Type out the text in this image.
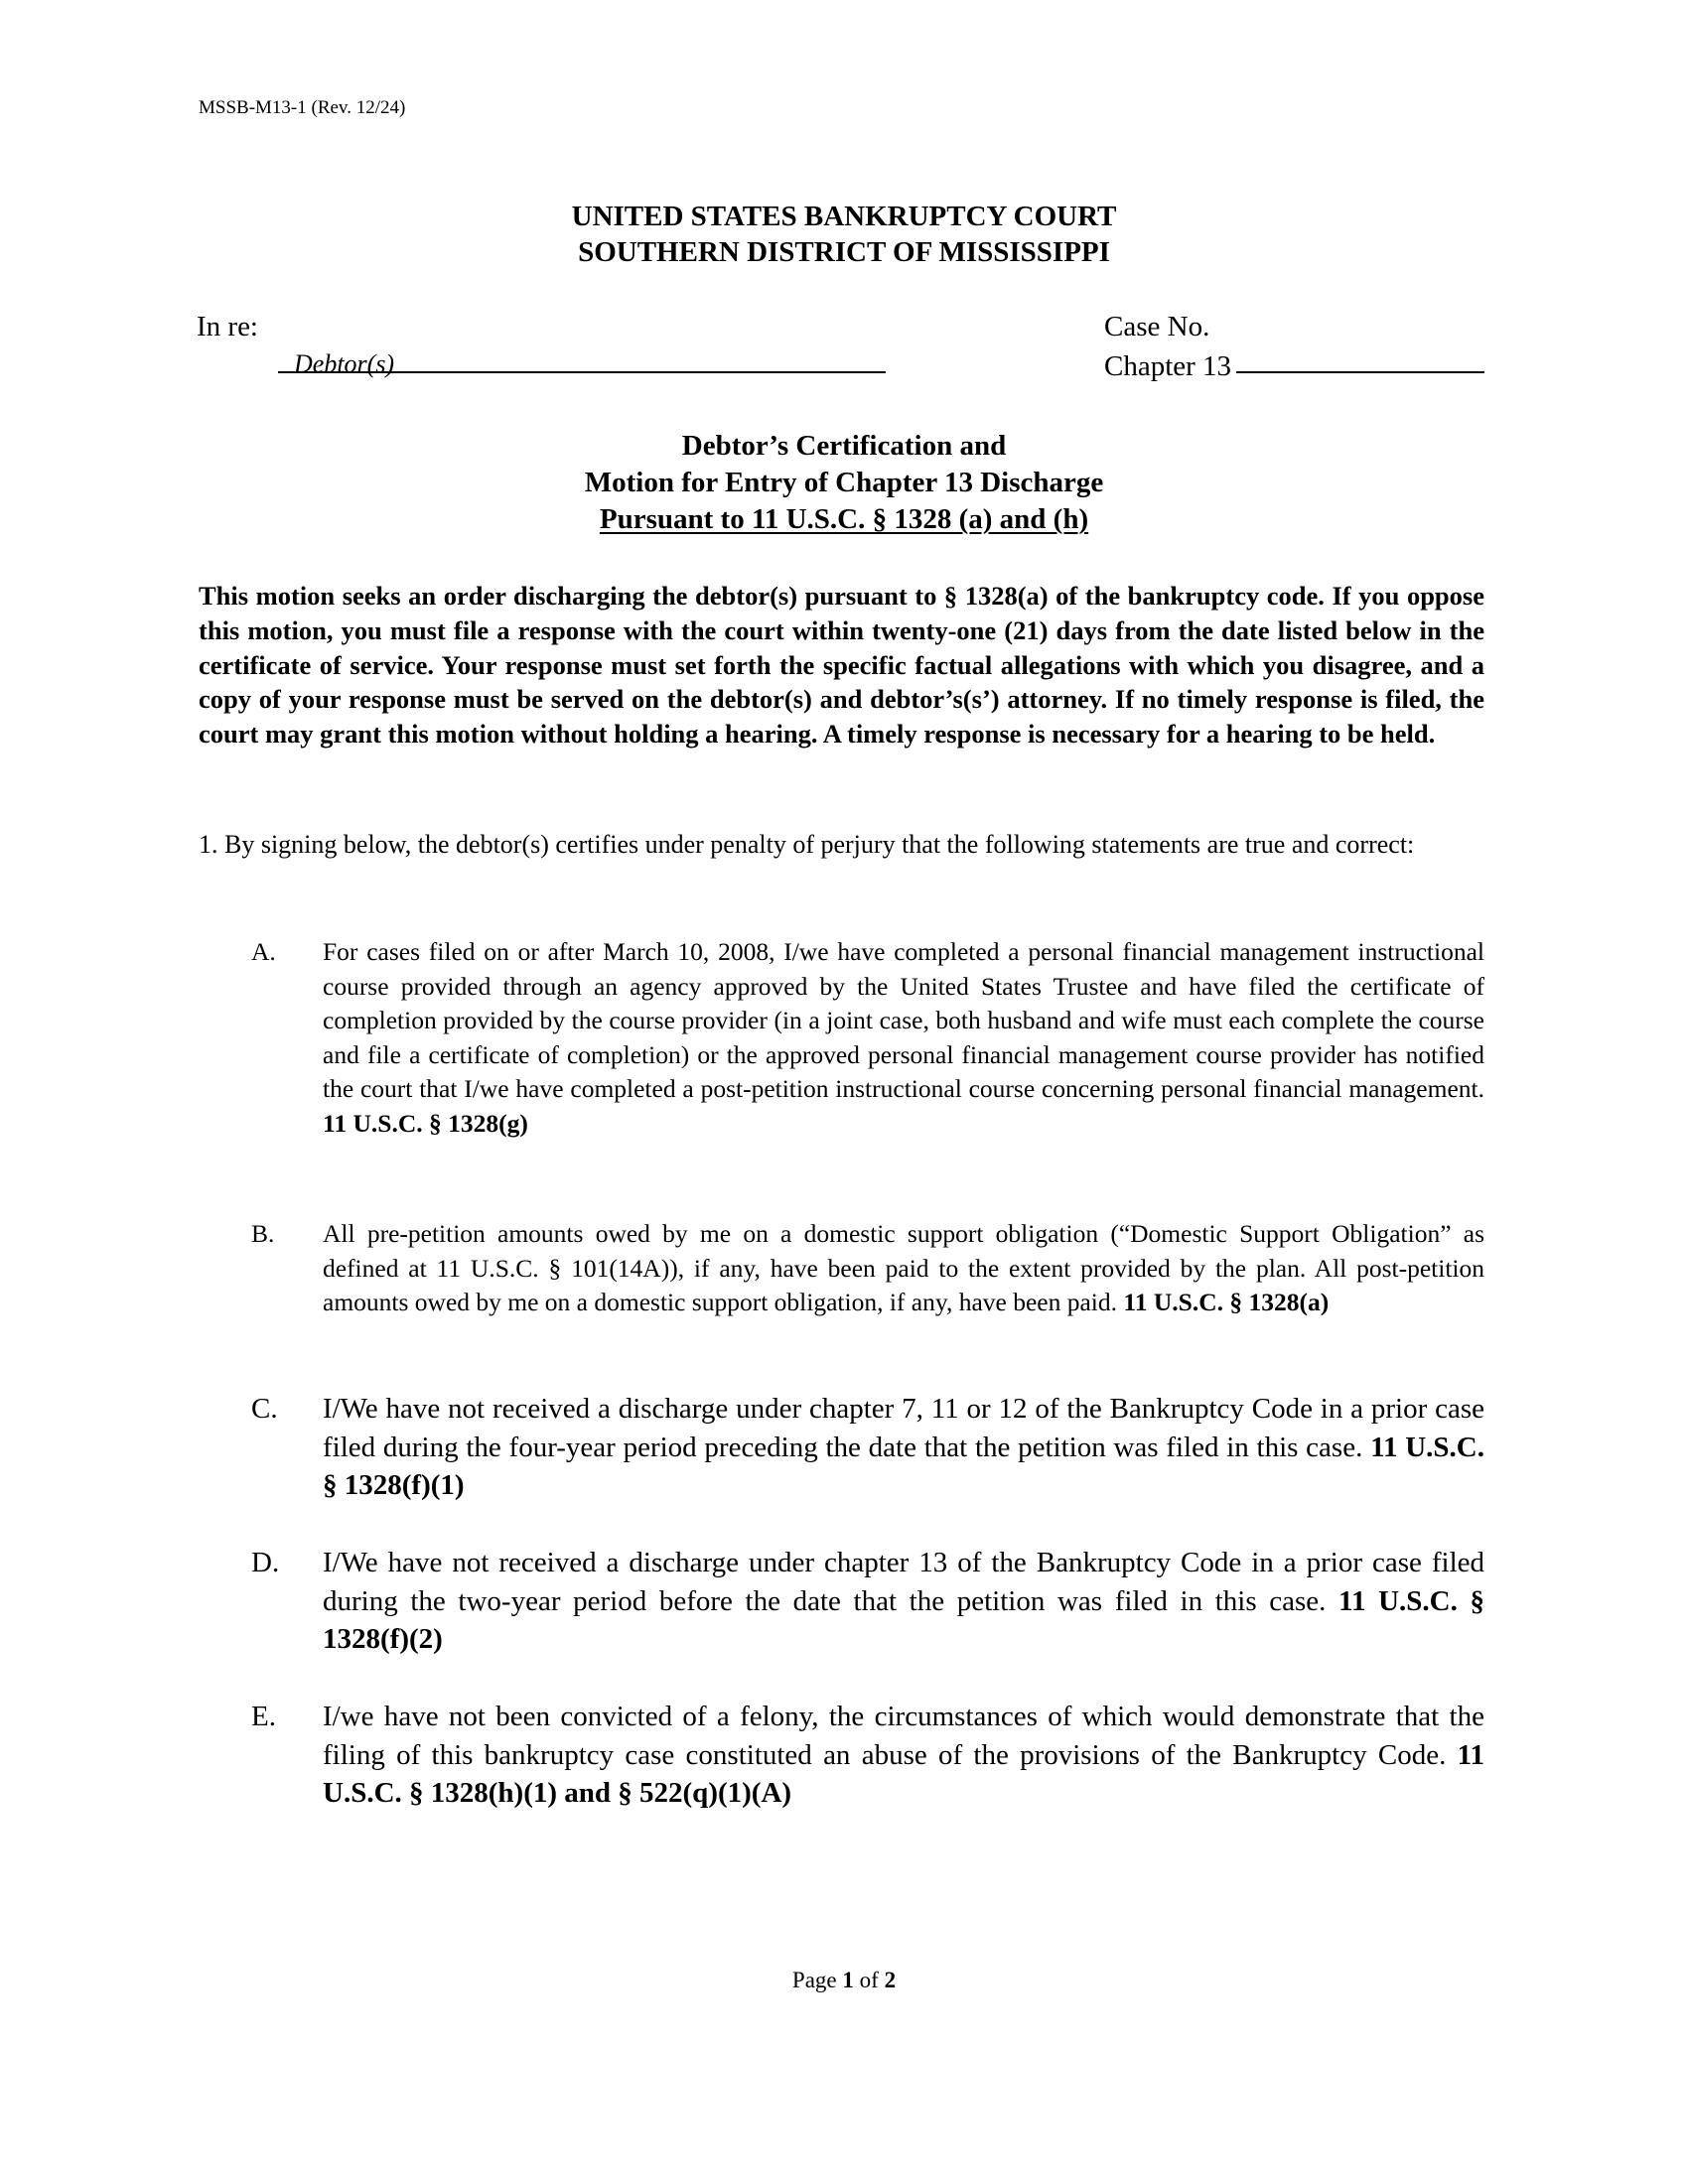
MSSB-M13-1 (Rev. 12/24)
UNITED STATES BANKRUPTCY COURT
SOUTHERN DISTRICT OF MISSISSIPPI
In re:
Debtor(s)
Case No.
Chapter 13
Debtor’s Certification and
Motion for Entry of Chapter 13 Discharge
Pursuant to 11 U.S.C. § 1328 (a) and (h)
This motion seeks an order discharging the debtor(s) pursuant to § 1328(a) of the bankruptcy code. If you oppose this motion, you must file a response with the court within twenty-one (21) days from the date listed below in the certificate of service. Your response must set forth the specific factual allegations with which you disagree, and a copy of your response must be served on the debtor(s) and debtor’s(s’) attorney. If no timely response is filed, the court may grant this motion without holding a hearing. A timely response is necessary for a hearing to be held.
1. By signing below, the debtor(s) certifies under penalty of perjury that the following statements are true and correct:
A. For cases filed on or after March 10, 2008, I/we have completed a personal financial management instructional course provided through an agency approved by the United States Trustee and have filed the certificate of completion provided by the course provider (in a joint case, both husband and wife must each complete the course and file a certificate of completion) or the approved personal financial management course provider has notified the court that I/we have completed a post-petition instructional course concerning personal financial management. 11 U.S.C. § 1328(g)
B. All pre-petition amounts owed by me on a domestic support obligation (“Domestic Support Obligation” as defined at 11 U.S.C. § 101(14A)), if any, have been paid to the extent provided by the plan. All post-petition amounts owed by me on a domestic support obligation, if any, have been paid. 11 U.S.C. § 1328(a)
C. I/We have not received a discharge under chapter 7, 11 or 12 of the Bankruptcy Code in a prior case filed during the four-year period preceding the date that the petition was filed in this case. 11 U.S.C. § 1328(f)(1)
D. I/We have not received a discharge under chapter 13 of the Bankruptcy Code in a prior case filed during the two-year period before the date that the petition was filed in this case. 11 U.S.C. § 1328(f)(2)
E. I/we have not been convicted of a felony, the circumstances of which would demonstrate that the filing of this bankruptcy case constituted an abuse of the provisions of the Bankruptcy Code. 11 U.S.C. § 1328(h)(1) and § 522(q)(1)(A)
Page 1 of 2
